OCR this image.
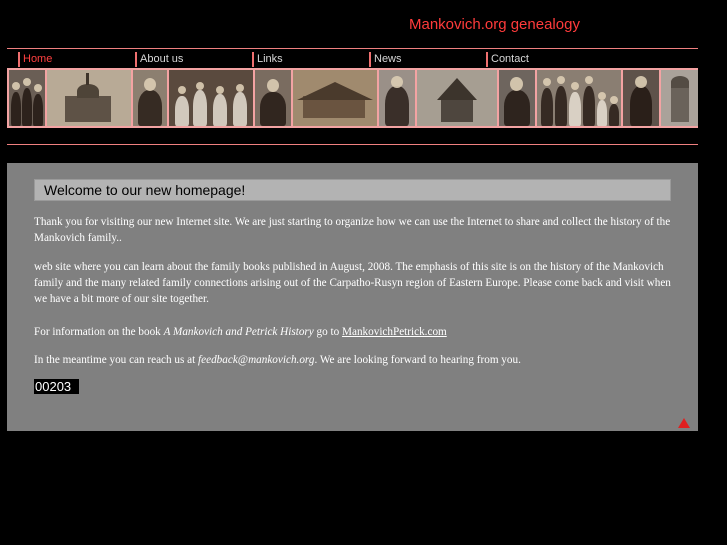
Mankovich.org genealogy
Home	About us	Links	News	Contact
Welcome to our new homepage!
Thank you for visiting our new Internet site. We are just starting to organize how we can use the Internet to share and collect the history of the Mankovich family..
web site where you can learn about the family books published in August, 2008. The emphasis of this site is on the history of the Mankovich family and the many related family connections arising out of the Carpatho-Rusyn region of Eastern Europe. Please come back and visit when we have a bit more of our site together.
For information on the book A Mankovich and Petrick History go to MankovichPetrick.com
In the meantime you can reach us at feedback@mankovich.org. We are looking forward to hearing from you.
00203
